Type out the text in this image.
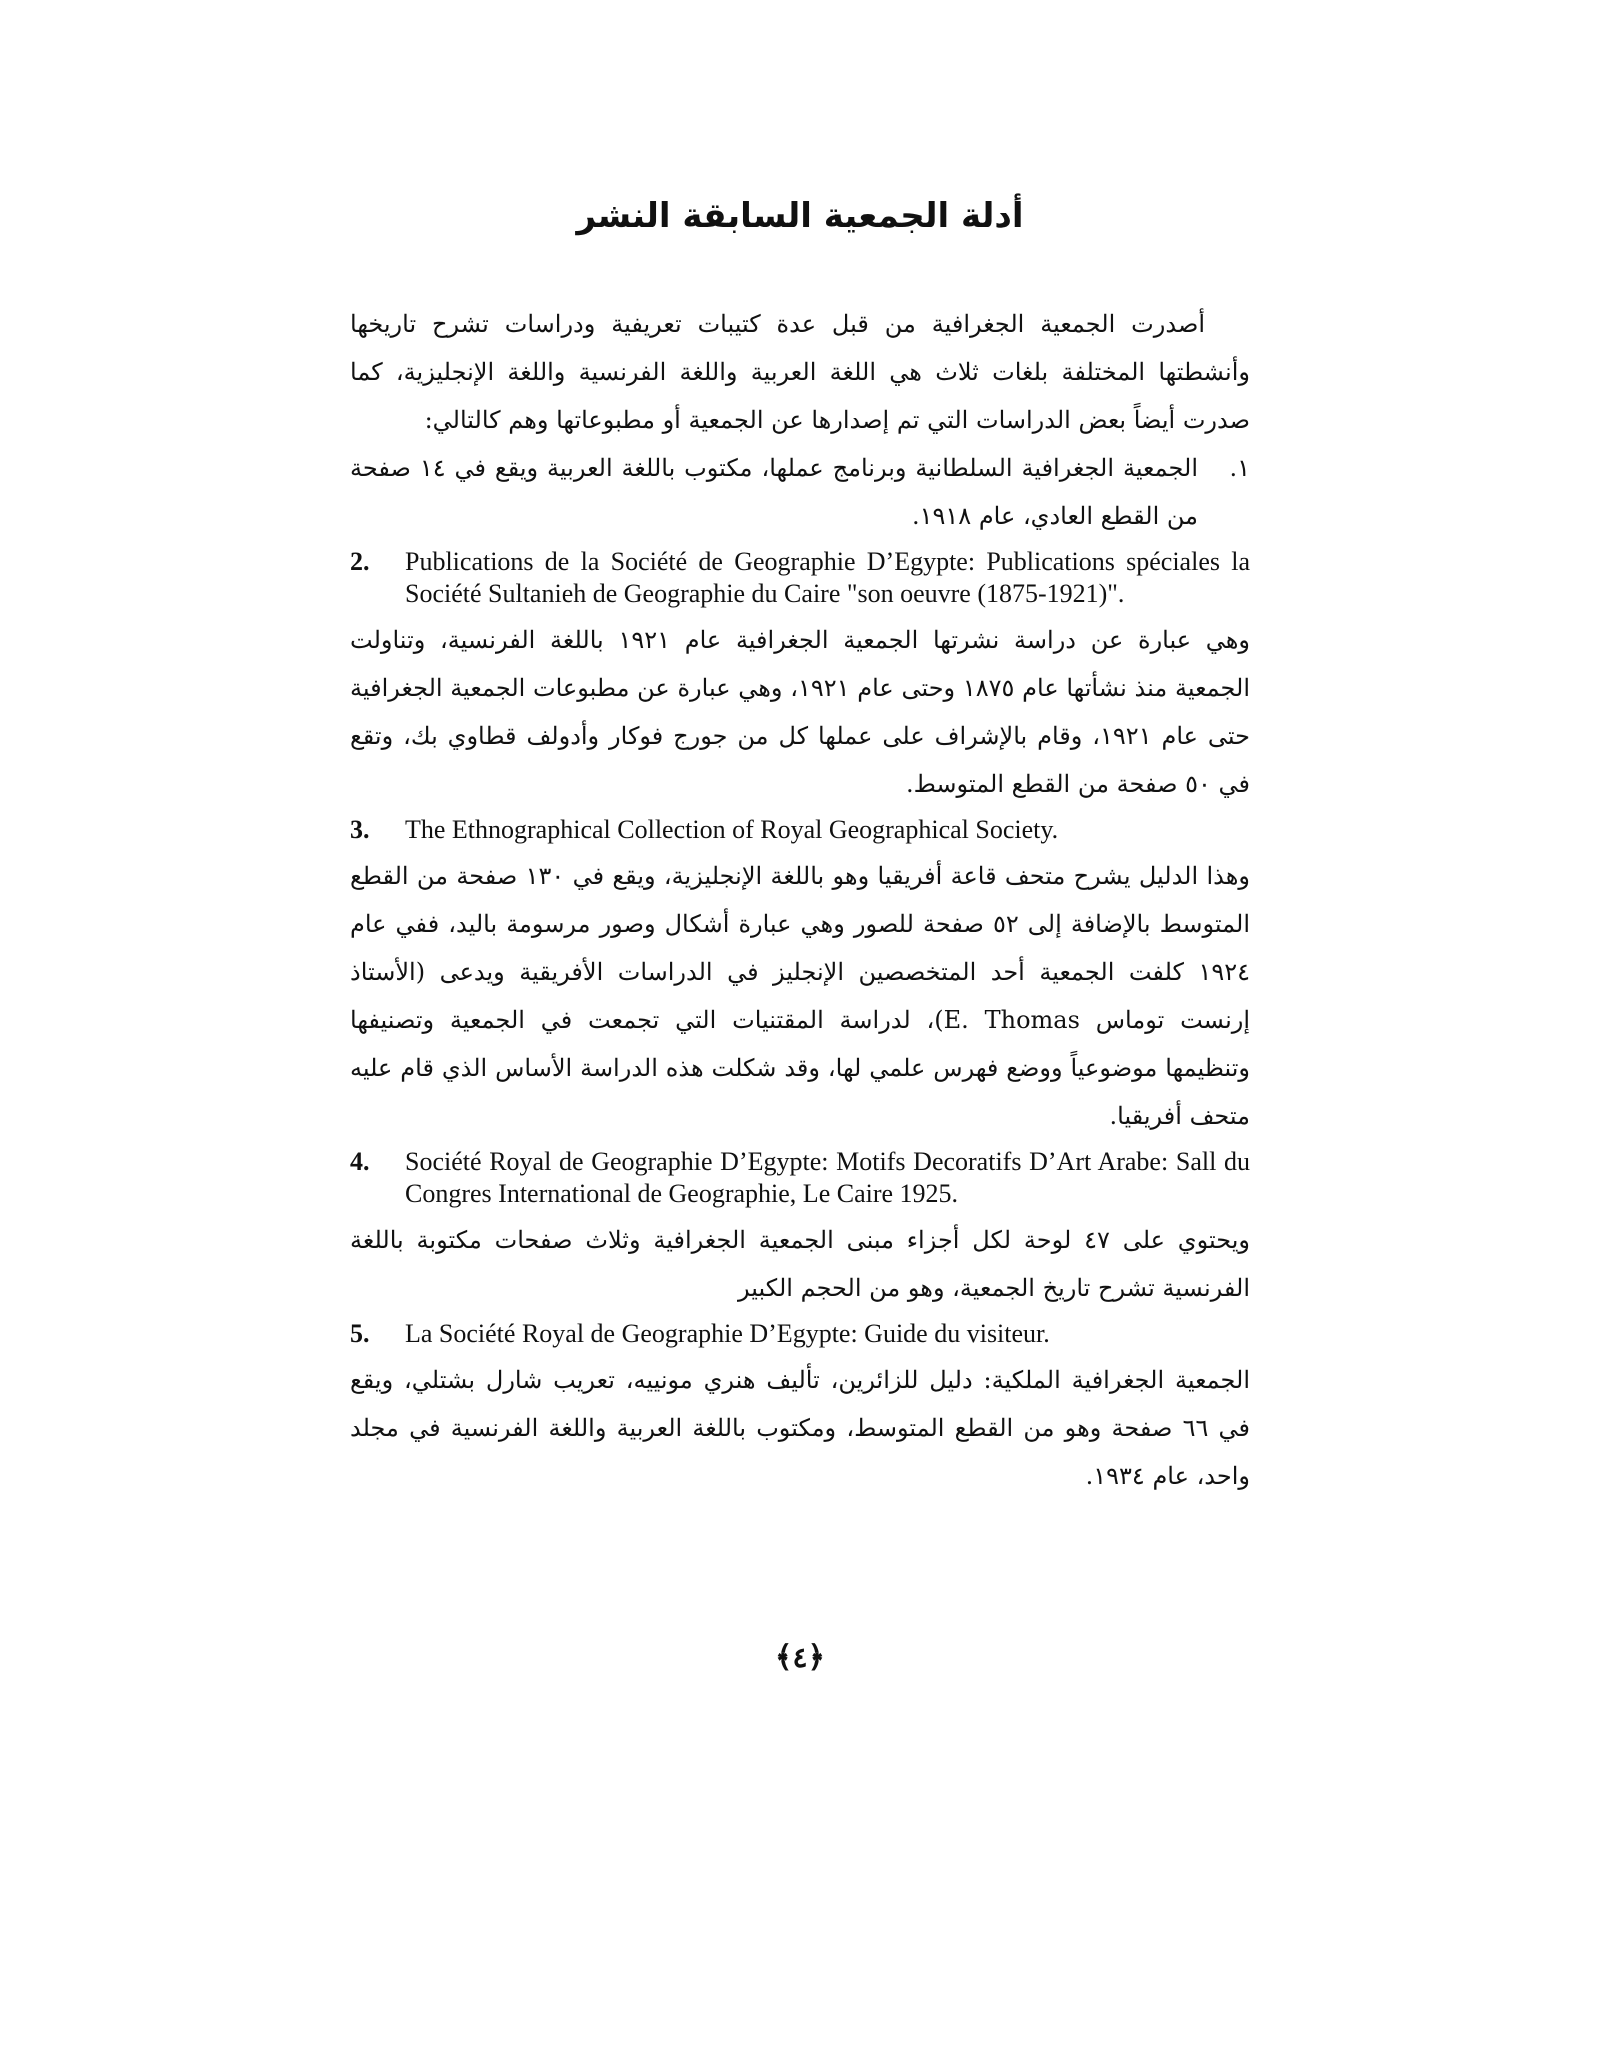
أدلة الجمعية السابقة النشر

أصدرت الجمعية الجغرافية من قبل عدة كتيبات تعريفية ودراسات تشرح تاريخها وأنشطتها المختلفة بلغات ثلاث هي اللغة العربية واللغة الفرنسية واللغة الإنجليزية، كما صدرت أيضاً بعض الدراسات التي تم إصدارها عن الجمعية أو مطبوعاتها وهم كالتالي:

١.
الجمعية الجغرافية السلطانية وبرنامج عملها، مكتوب باللغة العربية ويقع في ١٤ صفحة من القطع العادي، عام ١٩١٨.
2.	Publications de la Société de Geographie D’Egypte: Publications spéciales la Société Sultanieh de Geographie du Caire "son oeuvre (1875-1921)".

وهي عبارة عن دراسة نشرتها الجمعية الجغرافية عام ١٩٢١ باللغة الفرنسية، وتناولت الجمعية منذ نشأتها عام ١٨٧٥ وحتى عام ١٩٢١، وهي عبارة عن مطبوعات الجمعية الجغرافية حتى عام ١٩٢١، وقام بالإشراف على عملها كل من جورج فوكار وأدولف قطاوي بك، وتقع في ٥٠ صفحة من القطع المتوسط.

3.	The Ethnographical Collection of Royal Geographical Society.

وهذا الدليل يشرح متحف قاعة أفريقيا وهو باللغة الإنجليزية، ويقع في ١٣٠ صفحة من القطع المتوسط بالإضافة إلى ٥٢ صفحة للصور وهي عبارة أشكال وصور مرسومة باليد، ففي عام ١٩٢٤ كلفت الجمعية أحد المتخصصين الإنجليز في الدراسات الأفريقية ويدعى (الأستاذ إرنست توماس E. Thomas)، لدراسة المقتنيات التي تجمعت في الجمعية وتصنيفها وتنظيمها موضوعياً ووضع فهرس علمي لها، وقد شكلت هذه الدراسة الأساس الذي قام عليه متحف أفريقيا.

4.	Société Royal de Geographie D’Egypte: Motifs Decoratifs D’Art Arabe: Sall du Congres International de Geographie, Le Caire 1925.

ويحتوي على ٤٧ لوحة لكل أجزاء مبنى الجمعية الجغرافية وثلاث صفحات مكتوبة باللغة الفرنسية تشرح تاريخ الجمعية، وهو من الحجم الكبير

5.	La Société Royal de Geographie D’Egypte: Guide du visiteur.

الجمعية الجغرافية الملكية: دليل للزائرين، تأليف هنري مونييه، تعريب شارل بشتلي، ويقع في ٦٦ صفحة وهو من القطع المتوسط، ومكتوب باللغة العربية واللغة الفرنسية في مجلد واحد، عام ١٩٣٤.

﴿٤﴾
